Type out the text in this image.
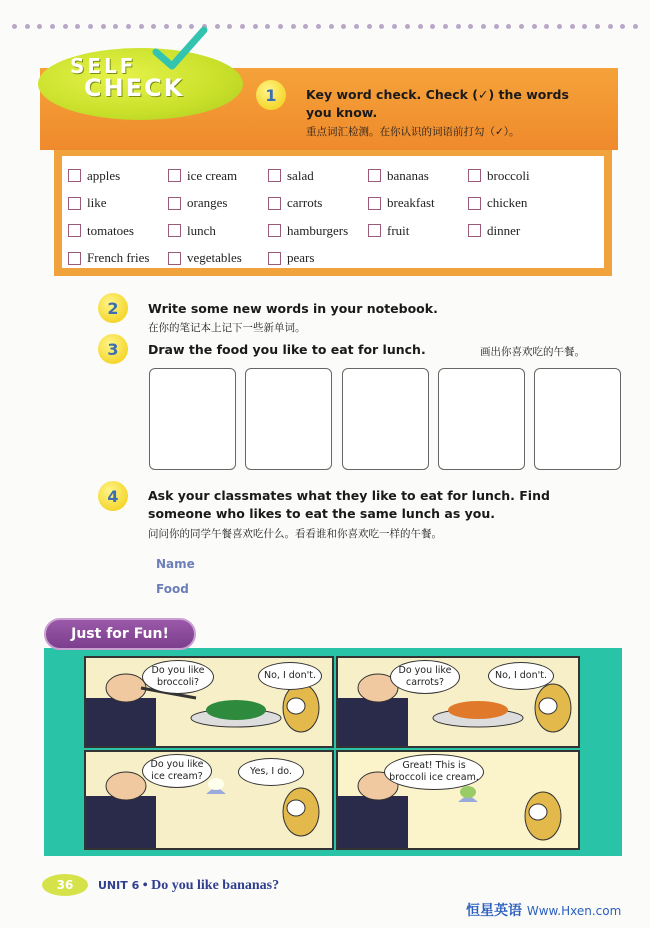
SELF
CHECK	1	Key word check. Check (✓) the words
you know.
重点词汇检测。在你认识的词语前打勾（✓）。
apples	ice cream	salad	bananas	broccoli
like	oranges	carrots	breakfast	chicken
tomatoes	lunch	hamburgers	fruit	dinner
French fries	vegetables	pears
2	Write some new words in your notebook.
在你的笔记本上记下一些新单词。
3	Draw the food you like to eat for lunch.	画出你喜欢吃的午餐。
4	Ask your classmates what they like to eat for lunch. Find
someone who likes to eat the same lunch as you.
问问你的同学午餐喜欢吃什么。看看谁和你喜欢吃一样的午餐。
Name
Food
Just for Fun!
Do you like broccoli?
No, I don't.	Do you like carrots?
No, I don't.
Do you like ice cream?	Yes, I do.
Great! This is broccoli ice cream.
36	UNIT 6 • Do you like bananas?
恒星英语 Www.Hxen.com
